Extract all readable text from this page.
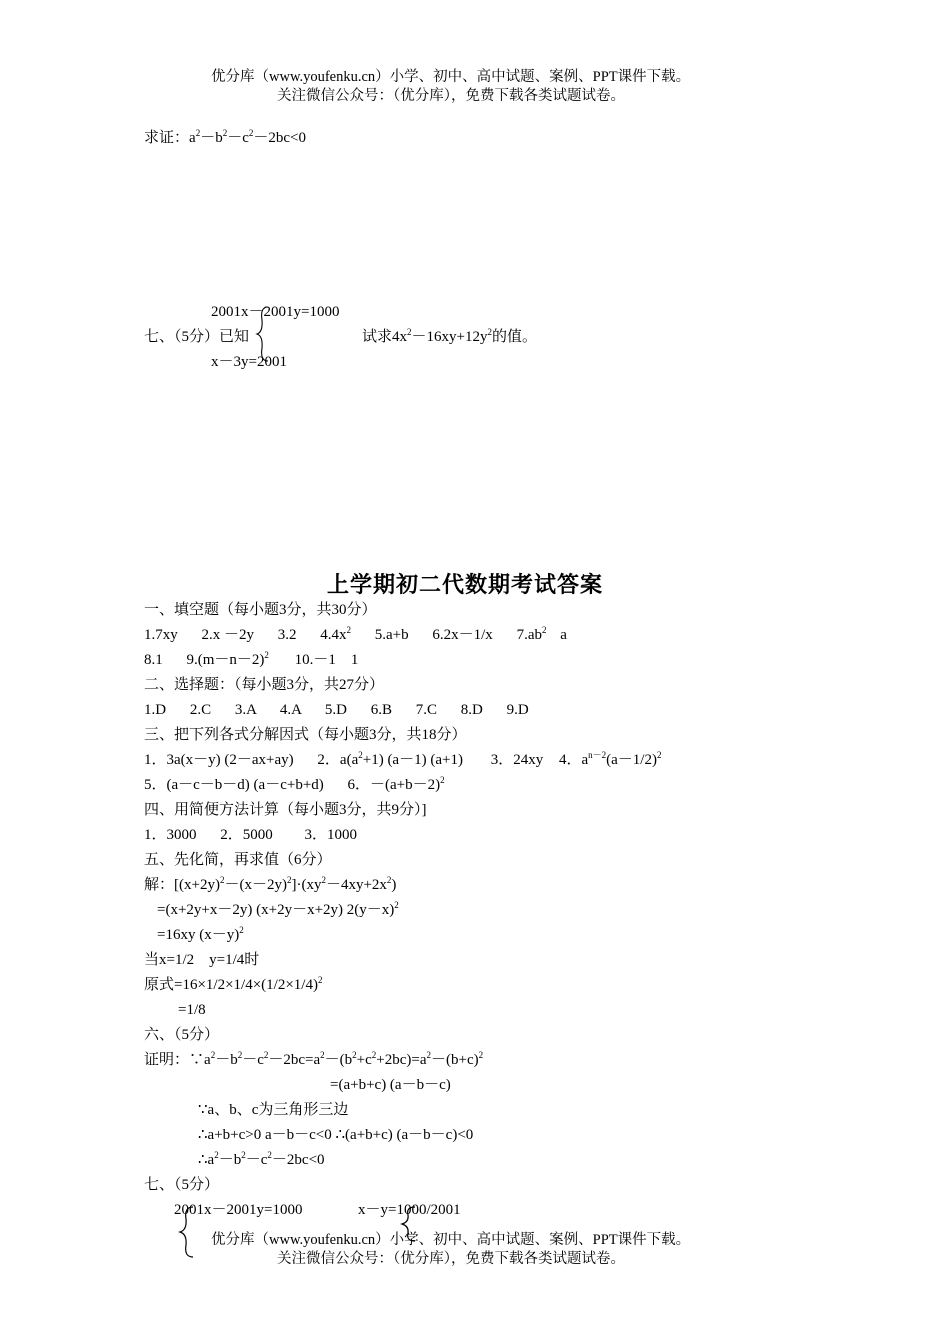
优分库（www.youfenku.cn）小学、初中、高中试题、案例、PPT课件下载。
关注微信公众号：（优分库），免费下载各类试题试卷。
求证：$a^2-b^2-c^2-2bc<0$
2001x－2001y=1000
七、（5分）已知	试求$4x^2-16xy+12y^2$的值。
x－3y=2001
上学期初二代数期考试答案
一、填空题（每小题3分，共30分）
1.7xy 2.x －2y 3.2 $4.4x^2$ 5.a+b 6.2x－1/x $7.ab^2$ a
8.1 $9.(m-n-2)^2$ 10.－1　1
二、选择题：（每小题3分，共27分）
1.D 2.C 3.A 4.A 5.D 6.B 7.C 8.D 9.D
三、把下列各式分解因式（每小题3分，共18分）
1．3a(x－y) (2－ax+ay) 2．$a(a^2+1)$ (a－1) (a+1) 3．24xy 4．$a^{n-2}(a-1/2)^2$
5．(a－c－b－d) (a－c+b+d) 6．$-(a+b-2)^2$
四、用简便方法计算（每小题3分，共9分）]
1．3000 2．5000 3．1000
五、先化简，再求值（6分）
解：$[(x+2y)^2-(x-2y)^2]\cdot(xy^2-4xy+2x^2)$
=(x+2y+x－2y) (x+2y－x+2y) $2(y-x)^2$
=16xy $(x-y)^2$
当x=1/2　y=1/4时
原式$=16\times 1/2\times 1/4\times(1/2\times 1/4)^2$
=1/8
六、（5分）
证明：$\because a^2-b^2-c^2-2bc=a^2-(b^2+c^2+2bc)=a^2-(b+c)^2$
=(a+b+c) (a－b－c)
∵a、b、c为三角形三边
∴a+b+c>0 a－b－c<0 ∴(a+b+c) (a－b－c)<0
$\therefore a^2-b^2-c^2-2bc<0$
七、（5分）
2001x－2001y=1000	x－y=1000/2001
优分库（www.youfenku.cn）小学、初中、高中试题、案例、PPT课件下载。
关注微信公众号：（优分库），免费下载各类试题试卷。
